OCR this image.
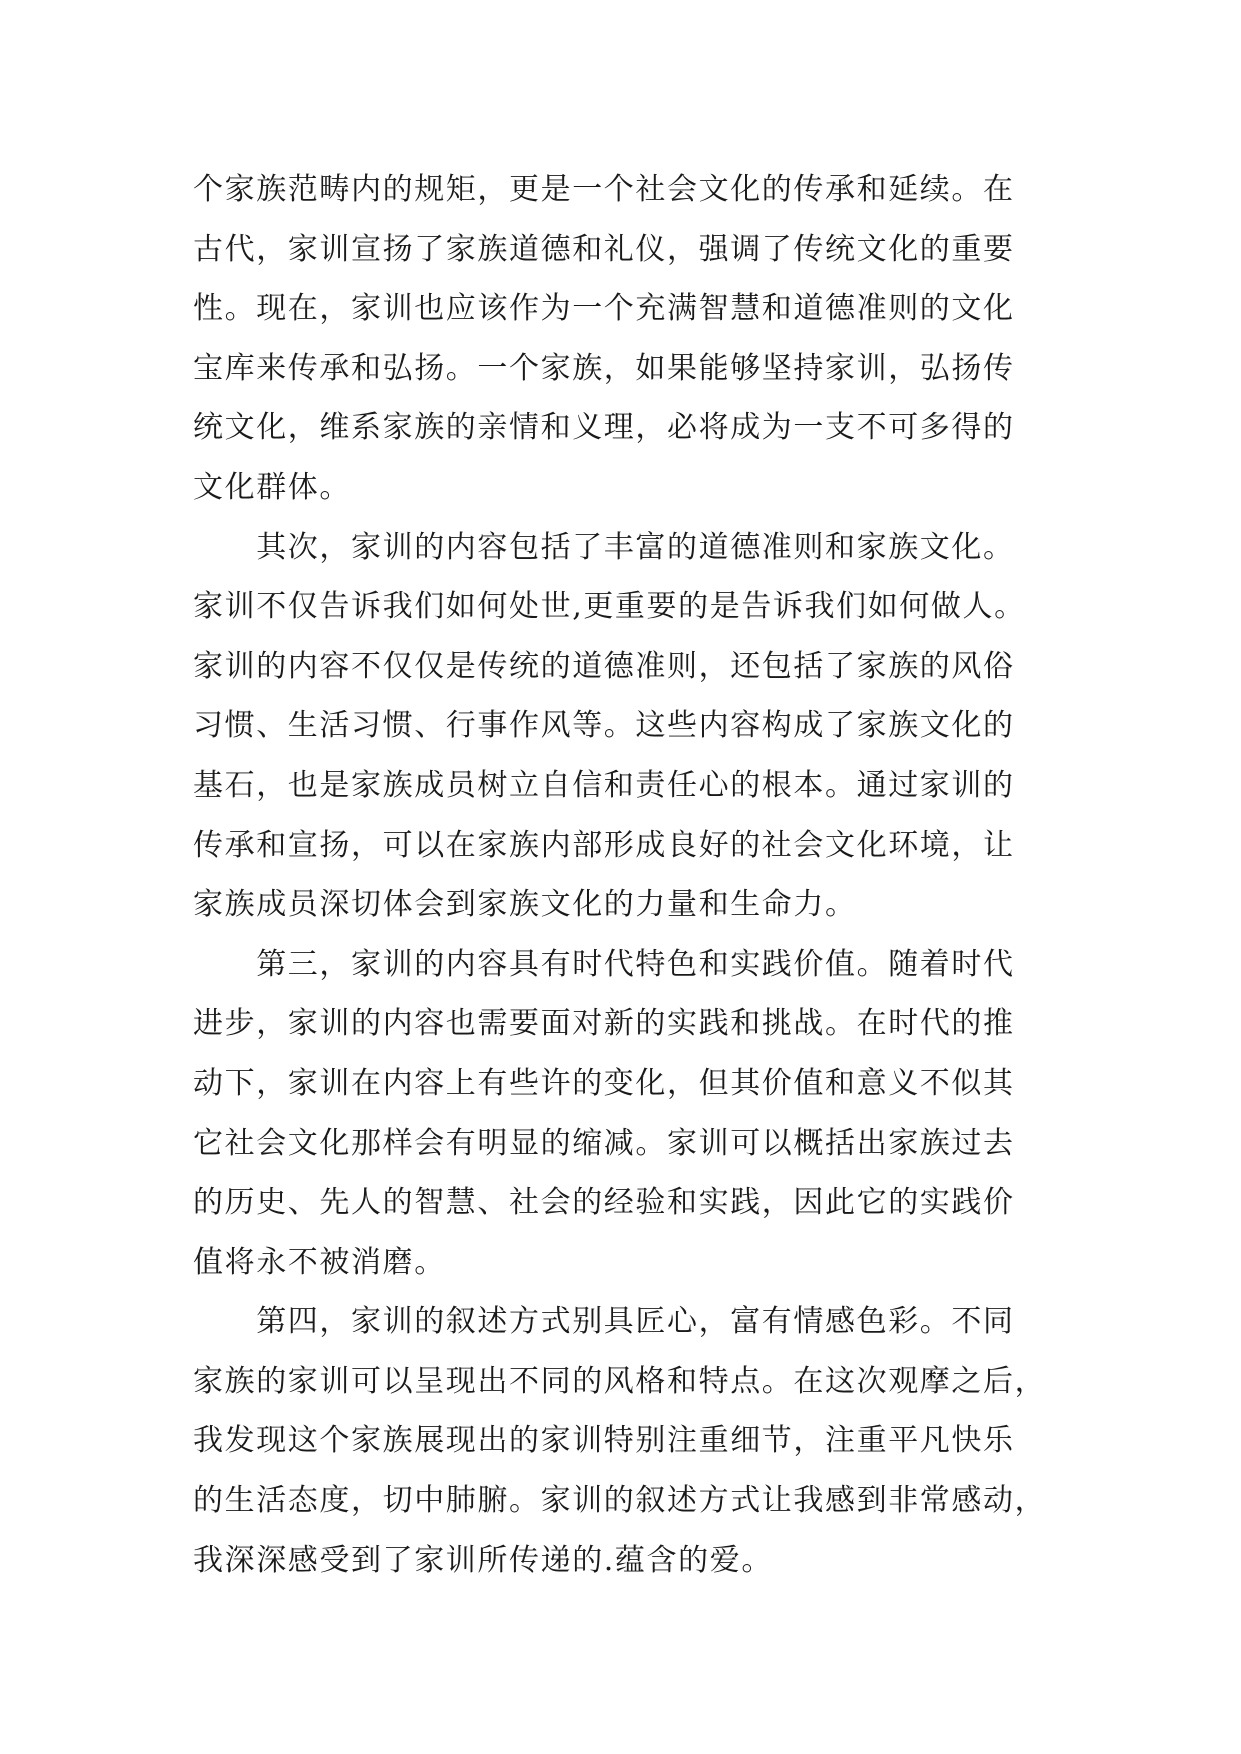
个家族范畴内的规矩，更是一个社会文化的传承和延续。在
古代，家训宣扬了家族道德和礼仪，强调了传统文化的重要
性。现在，家训也应该作为一个充满智慧和道德准则的文化
宝库来传承和弘扬。一个家族，如果能够坚持家训，弘扬传
统文化，维系家族的亲情和义理，必将成为一支不可多得的
文化群体。
　　其次，家训的内容包括了丰富的道德准则和家族文化。
家训不仅告诉我们如何处世,更重要的是告诉我们如何做人。
家训的内容不仅仅是传统的道德准则，还包括了家族的风俗
习惯、生活习惯、行事作风等。这些内容构成了家族文化的
基石，也是家族成员树立自信和责任心的根本。通过家训的
传承和宣扬，可以在家族内部形成良好的社会文化环境，让
家族成员深切体会到家族文化的力量和生命力。
　　第三，家训的内容具有时代特色和实践价值。随着时代
进步，家训的内容也需要面对新的实践和挑战。在时代的推
动下，家训在内容上有些许的变化，但其价值和意义不似其
它社会文化那样会有明显的缩减。家训可以概括出家族过去
的历史、先人的智慧、社会的经验和实践，因此它的实践价
值将永不被消磨。
　　第四，家训的叙述方式别具匠心，富有情感色彩。不同
家族的家训可以呈现出不同的风格和特点。在这次观摩之后，
我发现这个家族展现出的家训特别注重细节，注重平凡快乐
的生活态度，切中肺腑。家训的叙述方式让我感到非常感动，
我深深感受到了家训所传递的.蕴含的爱。
